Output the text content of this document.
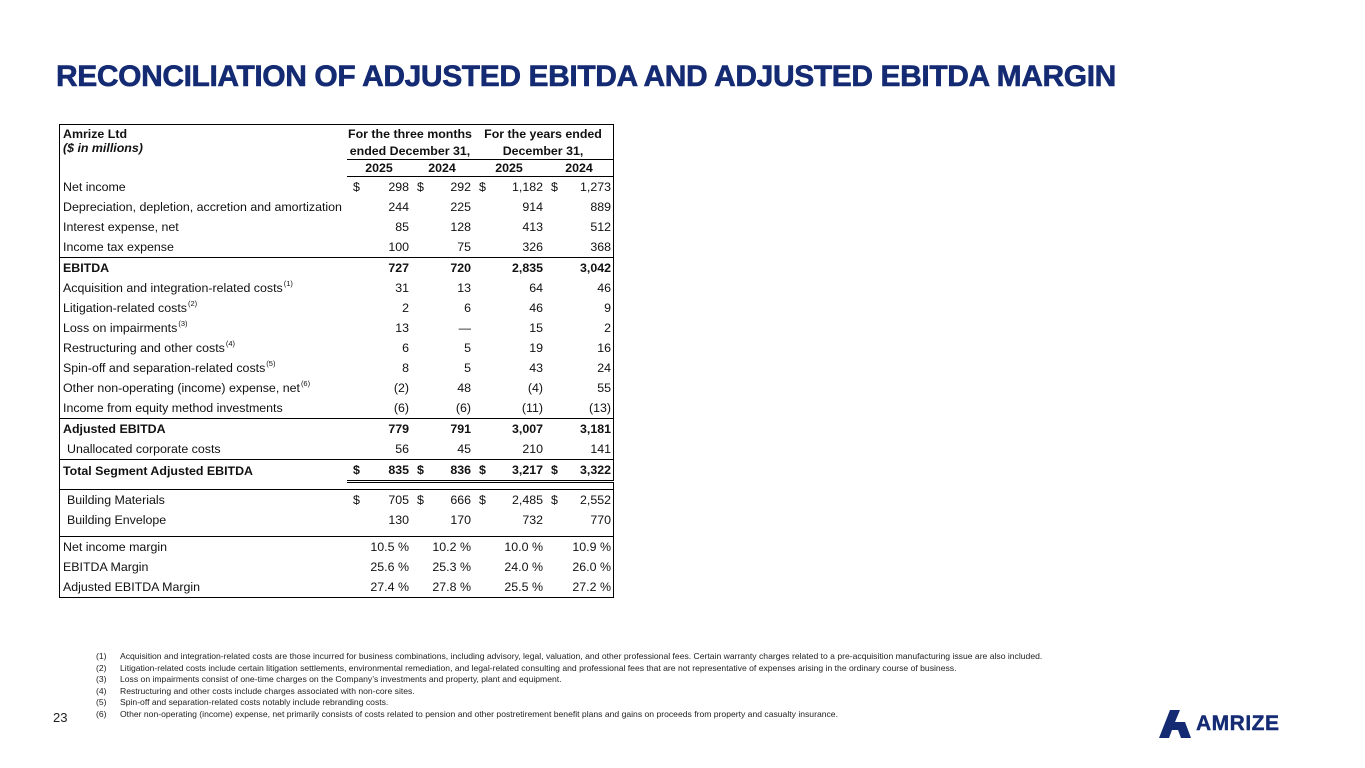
RECONCILIATION OF ADJUSTED EBITDA AND ADJUSTED EBITDA MARGIN
Amrize Ltd	For the three months				For the years ended			
($ in millions)	ended December 31,				December 31,			
	2025		2024		2025		2024	
Net income	$	298	$	292	$	1,182	$	1,273
Depreciation, depletion, accretion and amortization		244		225		914		889
Interest expense, net		85		128		413		512
Income tax expense		100		75		326		368
EBITDA		727		720		2,835		3,042
Acquisition and integration-related costs$^{(1)}$		31		13		64		46
Litigation-related costs$^{(2)}$		2		6		46		9
Loss on impairments$^{(3)}$		13		—		15		2
Restructuring and other costs$^{(4)}$		6		5		19		16
Spin-off and separation-related costs$^{(5)}$		8		5		43		24
Other non-operating (income) expense, net$^{(6)}$		(2)		48		(4)		55
Income from equity method investments		(6)		(6)		(11)		(13)
Adjusted EBITDA		779		791		3,007		3,181
Unallocated corporate costs		56		45		210		141
Total Segment Adjusted EBITDA	$	835	$	836	$	3,217	$	3,322

Building Materials	$	705	$	666	$	2,485	$	2,552
Building Envelope		130		170		732		770

Net income margin		10.5 %		10.2 %		10.0 %		10.9 %
EBITDA Margin		25.6 %		25.3 %		24.0 %		26.0 %
Adjusted EBITDA Margin		27.4 %		27.8 %		25.5 %		27.2 %
(1)	Acquisition and integration-related costs are those incurred for business combinations, including advisory, legal, valuation, and other professional fees. Certain warranty charges related to a pre-acquisition manufacturing issue are also included.
(2)	Litigation-related costs include certain litigation settlements, environmental remediation, and legal-related consulting and professional fees that are not representative of expenses arising in the ordinary course of business.
(3)	Loss on impairments consist of one-time charges on the Company’s investments and property, plant and equipment.
(4)	Restructuring and other costs include charges associated with non-core sites.
(5)	Spin-off and separation-related costs notably include rebranding costs.
(6)	Other non-operating (income) expense, net primarily consists of costs related to pension and other postretirement benefit plans and gains on proceeds from property and casualty insurance.
23	AMRIZE
